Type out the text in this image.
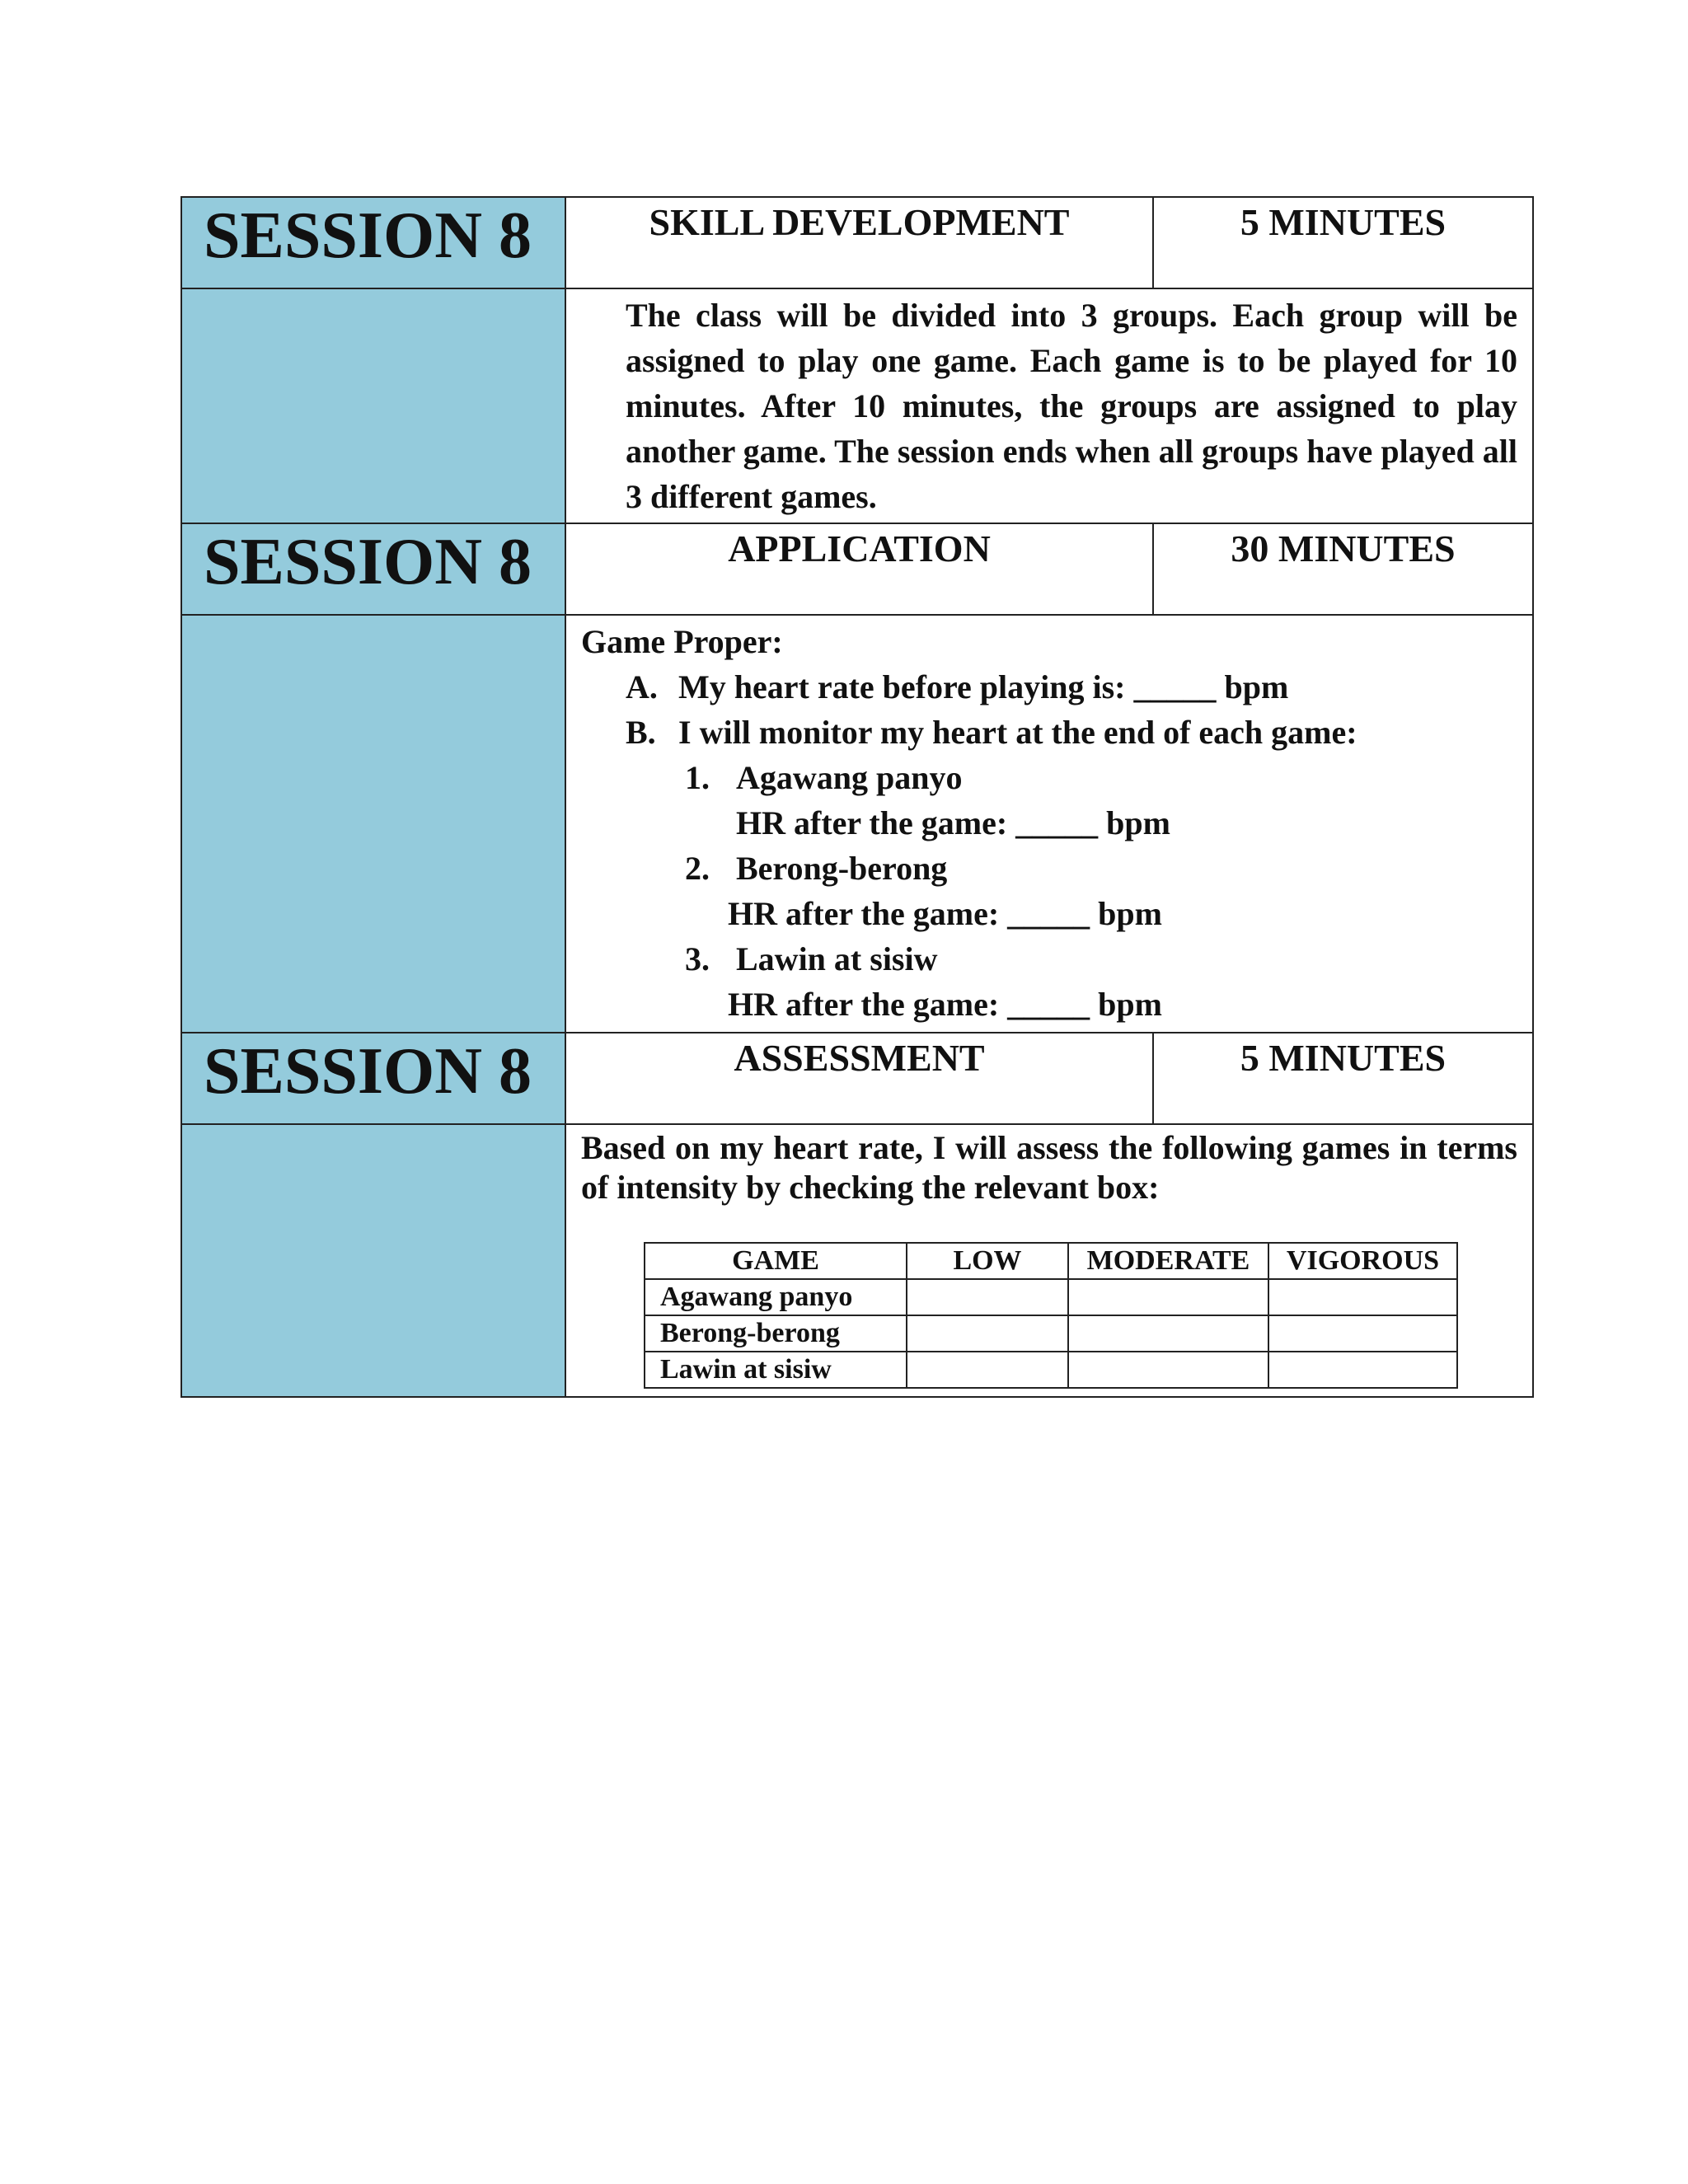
SESSION 8	SKILL DEVELOPMENT	5 MINUTES

The class will be divided into 3 groups. Each group will be assigned to play one game. Each game is to be played for 10 minutes. After 10 minutes, the groups are assigned to play another game. The session ends when all groups have played all 3 different games.

SESSION 8	APPLICATION	30 MINUTES

Game Proper:
A. My heart rate before playing is: _____ bpm
B. I will monitor my heart at the end of each game:
1. Agawang panyo
HR after the game: _____ bpm
2. Berong-berong
HR after the game: _____ bpm
3. Lawin at sisiw
HR after the game: _____ bpm

SESSION 8	ASSESSMENT	5 MINUTES

Based on my heart rate, I will assess the following games in terms of intensity by checking the relevant box:
GAME	LOW	MODERATE	VIGOROUS
Agawang panyo			
Berong-berong			
Lawin at sisiw			
